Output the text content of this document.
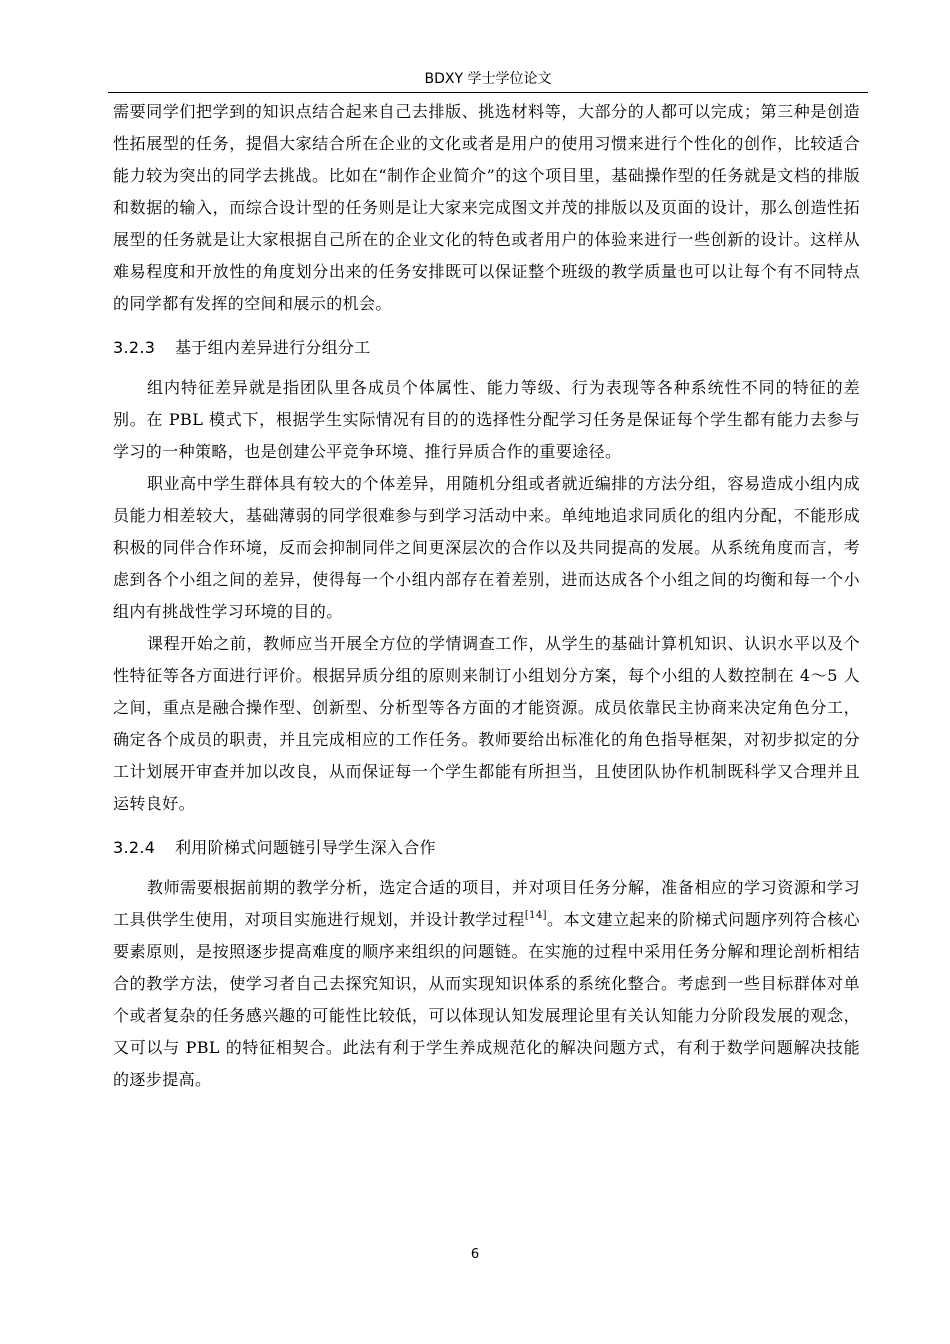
BDXY 学士学位论文

需要同学们把学到的知识点结合起来自己去排版、挑选材料等，大部分的人都可以完成；第三种是创造性拓展型的任务，提倡大家结合所在企业的文化或者是用户的使用习惯来进行个性化的创作，比较适合能力较为突出的同学去挑战。比如在“制作企业简介”的这个项目里，基础操作型的任务就是文档的排版和数据的输入，而综合设计型的任务则是让大家来完成图文并茂的排版以及页面的设计，那么创造性拓展型的任务就是让大家根据自己所在的企业文化的特色或者用户的体验来进行一些创新的设计。这样从难易程度和开放性的角度划分出来的任务安排既可以保证整个班级的教学质量也可以让每个有不同特点的同学都有发挥的空间和展示的机会。

3.2.3 基于组内差异进行分组分工

组内特征差异就是指团队里各成员个体属性、能力等级、行为表现等各种系统性不同的特征的差别。在 PBL 模式下，根据学生实际情况有目的的选择性分配学习任务是保证每个学生都有能力去参与学习的一种策略，也是创建公平竞争环境、推行异质合作的重要途径。

职业高中学生群体具有较大的个体差异，用随机分组或者就近编排的方法分组，容易造成小组内成员能力相差较大，基础薄弱的同学很难参与到学习活动中来。单纯地追求同质化的组内分配，不能形成积极的同伴合作环境，反而会抑制同伴之间更深层次的合作以及共同提高的发展。从系统角度而言，考虑到各个小组之间的差异，使得每一个小组内部存在着差别，进而达成各个小组之间的均衡和每一个小组内有挑战性学习环境的目的。

课程开始之前，教师应当开展全方位的学情调查工作，从学生的基础计算机知识、认识水平以及个性特征等各方面进行评价。根据异质分组的原则来制订小组划分方案，每个小组的人数控制在 4～5 人之间，重点是融合操作型、创新型、分析型等各方面的才能资源。成员依靠民主协商来决定角色分工，确定各个成员的职责，并且完成相应的工作任务。教师要给出标准化的角色指导框架，对初步拟定的分工计划展开审查并加以改良，从而保证每一个学生都能有所担当，且使团队协作机制既科学又合理并且运转良好。

3.2.4 利用阶梯式问题链引导学生深入合作

教师需要根据前期的教学分析，选定合适的项目，并对项目任务分解，准备相应的学习资源和学习工具供学生使用，对项目实施进行规划，并设计教学过程[14]。本文建立起来的阶梯式问题序列符合核心要素原则，是按照逐步提高难度的顺序来组织的问题链。在实施的过程中采用任务分解和理论剖析相结合的教学方法，使学习者自己去探究知识，从而实现知识体系的系统化整合。考虑到一些目标群体对单个或者复杂的任务感兴趣的可能性比较低，可以体现认知发展理论里有关认知能力分阶段发展的观念，又可以与 PBL 的特征相契合。此法有利于学生养成规范化的解决问题方式，有利于数学问题解决技能的逐步提高。

6
